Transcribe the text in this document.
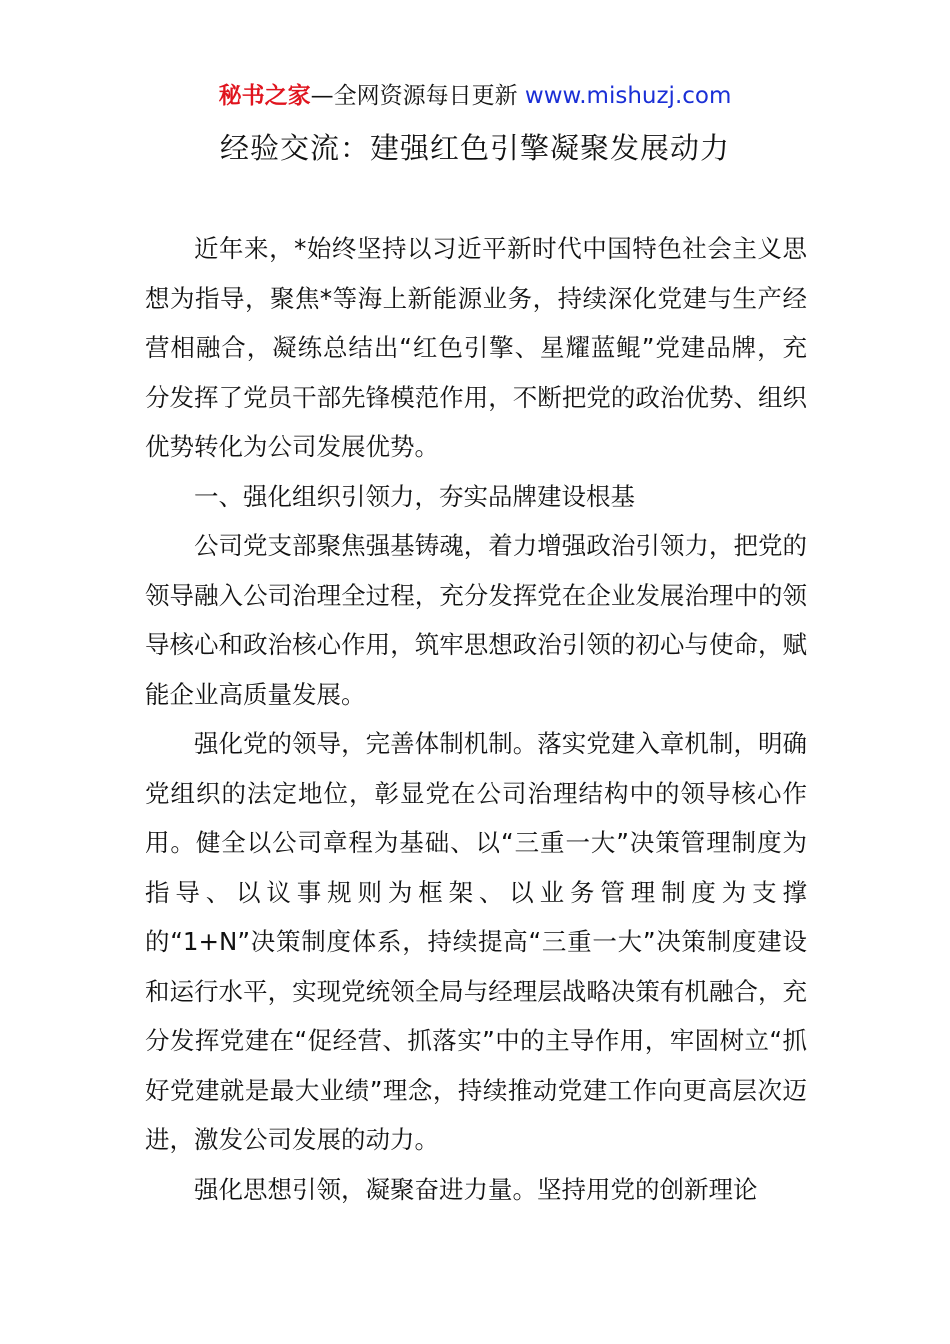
秘书之家—全网资源每日更新 www.mishuzj.com
经验交流：建强红色引擎凝聚发展动力

近年来，*始终坚持以习近平新时代中国特色社会主义思想为指导，聚焦*等海上新能源业务，持续深化党建与生产经营相融合，凝练总结出“红色引擎、星耀蓝鲲”党建品牌，充分发挥了党员干部先锋模范作用，不断把党的政治优势、组织优势转化为公司发展优势。

一、强化组织引领力，夯实品牌建设根基

公司党支部聚焦强基铸魂，着力增强政治引领力，把党的领导融入公司治理全过程，充分发挥党在企业发展治理中的领导核心和政治核心作用，筑牢思想政治引领的初心与使命，赋能企业高质量发展。

强化党的领导，完善体制机制。落实党建入章机制，明确党组织的法定地位，彰显党在公司治理结构中的领导核心作用。健全以公司章程为基础、以“三重一大”决策管理制度为指导、以议事规则为框架、以业务管理制度为支撑的“1+N”决策制度体系，持续提高“三重一大”决策制度建设和运行水平，实现党统领全局与经理层战略决策有机融合，充分发挥党建在“促经营、抓落实”中的主导作用，牢固树立“抓好党建就是最大业绩”理念，持续推动党建工作向更高层次迈进，激发公司发展的动力。

强化思想引领，凝聚奋进力量。坚持用党的创新理论
